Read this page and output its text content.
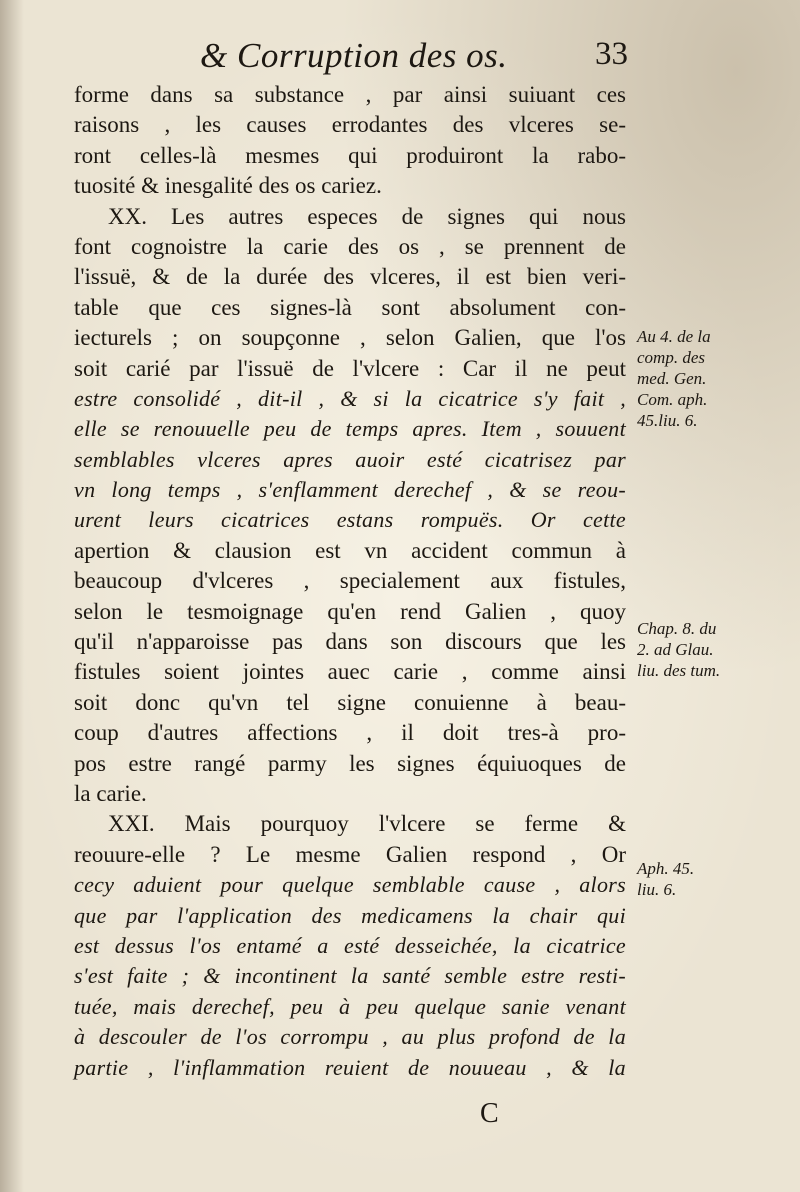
& Corruption des os.	33
forme dans sa substance , par ainsi suiuant ces
raisons , les causes errodantes des vlceres se-
ront celles-là mesmes qui produiront la rabo-
tuosité & inesgalité des os cariez.
XX. Les autres especes de signes qui nous
font cognoistre la carie des os , se prennent de
l'issuë, & de la durée des vlceres, il est bien veri-
table que ces signes-là sont absolument con-
iecturels ; on soupçonne , selon Galien, que l'os
soit carié par l'issuë de l'vlcere : Car il ne peut
estre consolidé , dit-il , & si la cicatrice s'y fait ,
elle se renouuelle peu de temps apres. Item , souuent
semblables vlceres apres auoir esté cicatrisez par
vn long temps , s'enflamment derechef , & se reou-
urent leurs cicatrices estans rompuës. Or cette
apertion & clausion est vn accident commun à
beaucoup d'vlceres , specialement aux fistules,
selon le tesmoignage qu'en rend Galien , quoy
qu'il n'apparoisse pas dans son discours que les
fistules soient jointes auec carie , comme ainsi
soit donc qu'vn tel signe conuienne à beau-
coup d'autres affections , il doit tres-à pro-
pos estre rangé parmy les signes équiuoques de
la carie.
XXI. Mais pourquoy l'vlcere se ferme &
reouure-elle ? Le mesme Galien respond , Or
cecy aduient pour quelque semblable cause , alors
que par l'application des medicamens la chair qui
est dessus l'os entamé a esté desseichée, la cicatrice
s'est faite ; & incontinent la santé semble estre resti-
tuée, mais derechef, peu à peu quelque sanie venant
à descouler de l'os corrompu , au plus profond de la
partie , l'inflammation reuient de nouueau , & la
Au 4. de la
comp. des
med. Gen.
Com. aph.
45.liu. 6.
Chap. 8. du
2. ad Glau.
liu. des tum.
Aph. 45.
liu. 6.
C
